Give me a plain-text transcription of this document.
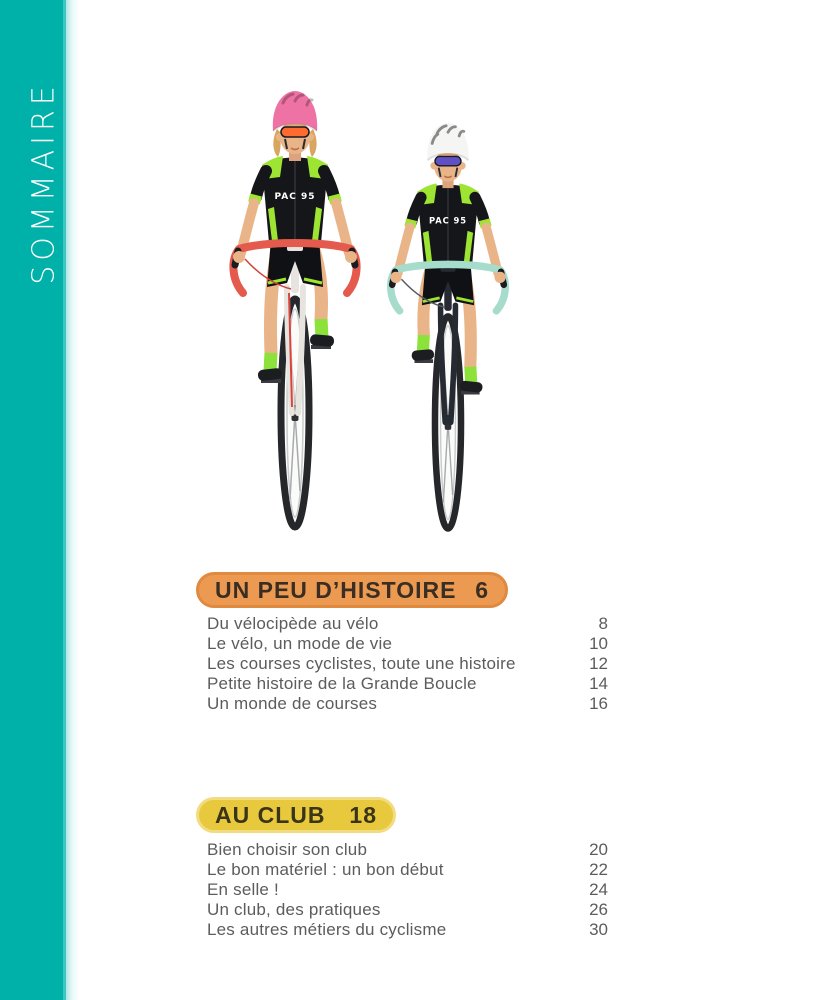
SOMMAIRE	PAC 95
PAC 95
UN PEU D’HISTOIRE 6
Du vélocipède au vélo	8
Le vélo, un mode de vie	10
Les courses cyclistes, toute une histoire	12
Petite histoire de la Grande Boucle	14
Un monde de courses	16
AU CLUB 18
Bien choisir son club	20
Le bon matériel : un bon début	22
En selle !	24
Un club, des pratiques	26
Les autres métiers du cyclisme	30
